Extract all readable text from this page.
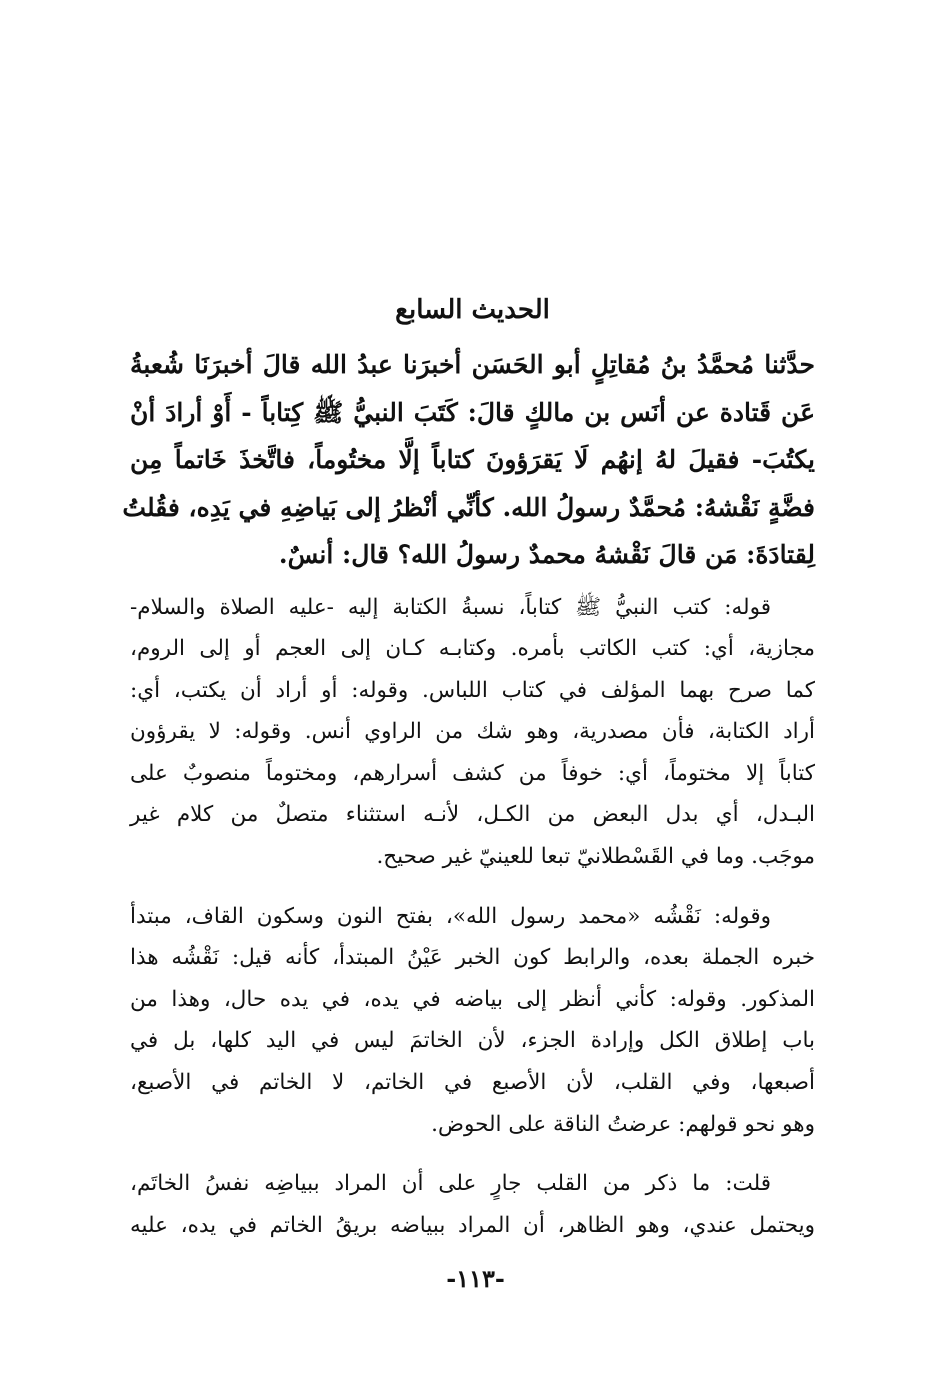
الحديث السابع
حدَّثنا مُحمَّدُ بنُ مُقاتِلٍ أبو الحَسَن أخبرَنا عبدُ الله قالَ أخبرَنَا شُعبةُ
عَن قَتادة عن أنَس بن مالكٍ قالَ: كَتَبَ النبيُّ ﷺ كِتاباً - أَوْ أرادَ أنْ
يكتُبَ- فقيلَ لهُ إنهُم لَا يَقرَؤونَ كتاباً إلَّا مختُوماً، فاتَّخذَ خَاتماً مِن
فضَّةٍ نَقْشهُ: مُحمَّدٌ رسولُ الله. كأنِّي أنْظرُ إلى بَياضِهِ في يَدِه، فقُلتُ
لِقتادَةَ: مَن قالَ نَقْشهُ محمدٌ رسولُ الله؟ قال: أنسٌ.
قوله: كتب النبيُّ ﷺ كتاباً، نسبةُ الكتابة إليه -عليه الصلاة والسلام-
مجازية، أي: كتب الكاتب بأمره. وكتابـه كـان إلى العجم أو إلى الروم،
كما صرح بهما المؤلف في كتاب اللباس. وقوله: أو أراد أن يكتب، أي:
أراد الكتابة، فأن مصدرية، وهو شك من الراوي أنس. وقوله: لا يقرؤون
كتاباً إلا مختوماً، أي: خوفاً من كشف أسرارهم، ومختوماً منصوبٌ على
البـدل، أي بدل البعض من الكـل، لأنـه استثناء متصلٌ من كلام غير
موجَب. وما في القَسْطلانيّ تبعا للعينيّ غير صحيح.
وقوله: نَقْشُه «محمد رسول الله»، بفتح النون وسكون القاف، مبتدأ
خبره الجملة بعده، والرابط كون الخبر عَيْنُ المبتدأ، كأنه قيل: نَقْشُه هذا
المذكور. وقوله: كأني أنظر إلى بياضه في يده، في يده حال، وهذا من
باب إطلاق الكل وإرادة الجزء، لأن الخاتمَ ليس في اليد كلها، بل في
أصبعها، وفي القلب، لأن الأصبع في الخاتم، لا الخاتم في الأصبع،
وهو نحو قولهم: عرضتُ الناقة على الحوض.
قلت: ما ذكر من القلب جارٍ على أن المراد ببياضِه نفسُ الخاتَم،
ويحتمل عندي، وهو الظاهر، أن المراد ببياضه بريقُ الخاتم في يده، عليه
-١١٣-
